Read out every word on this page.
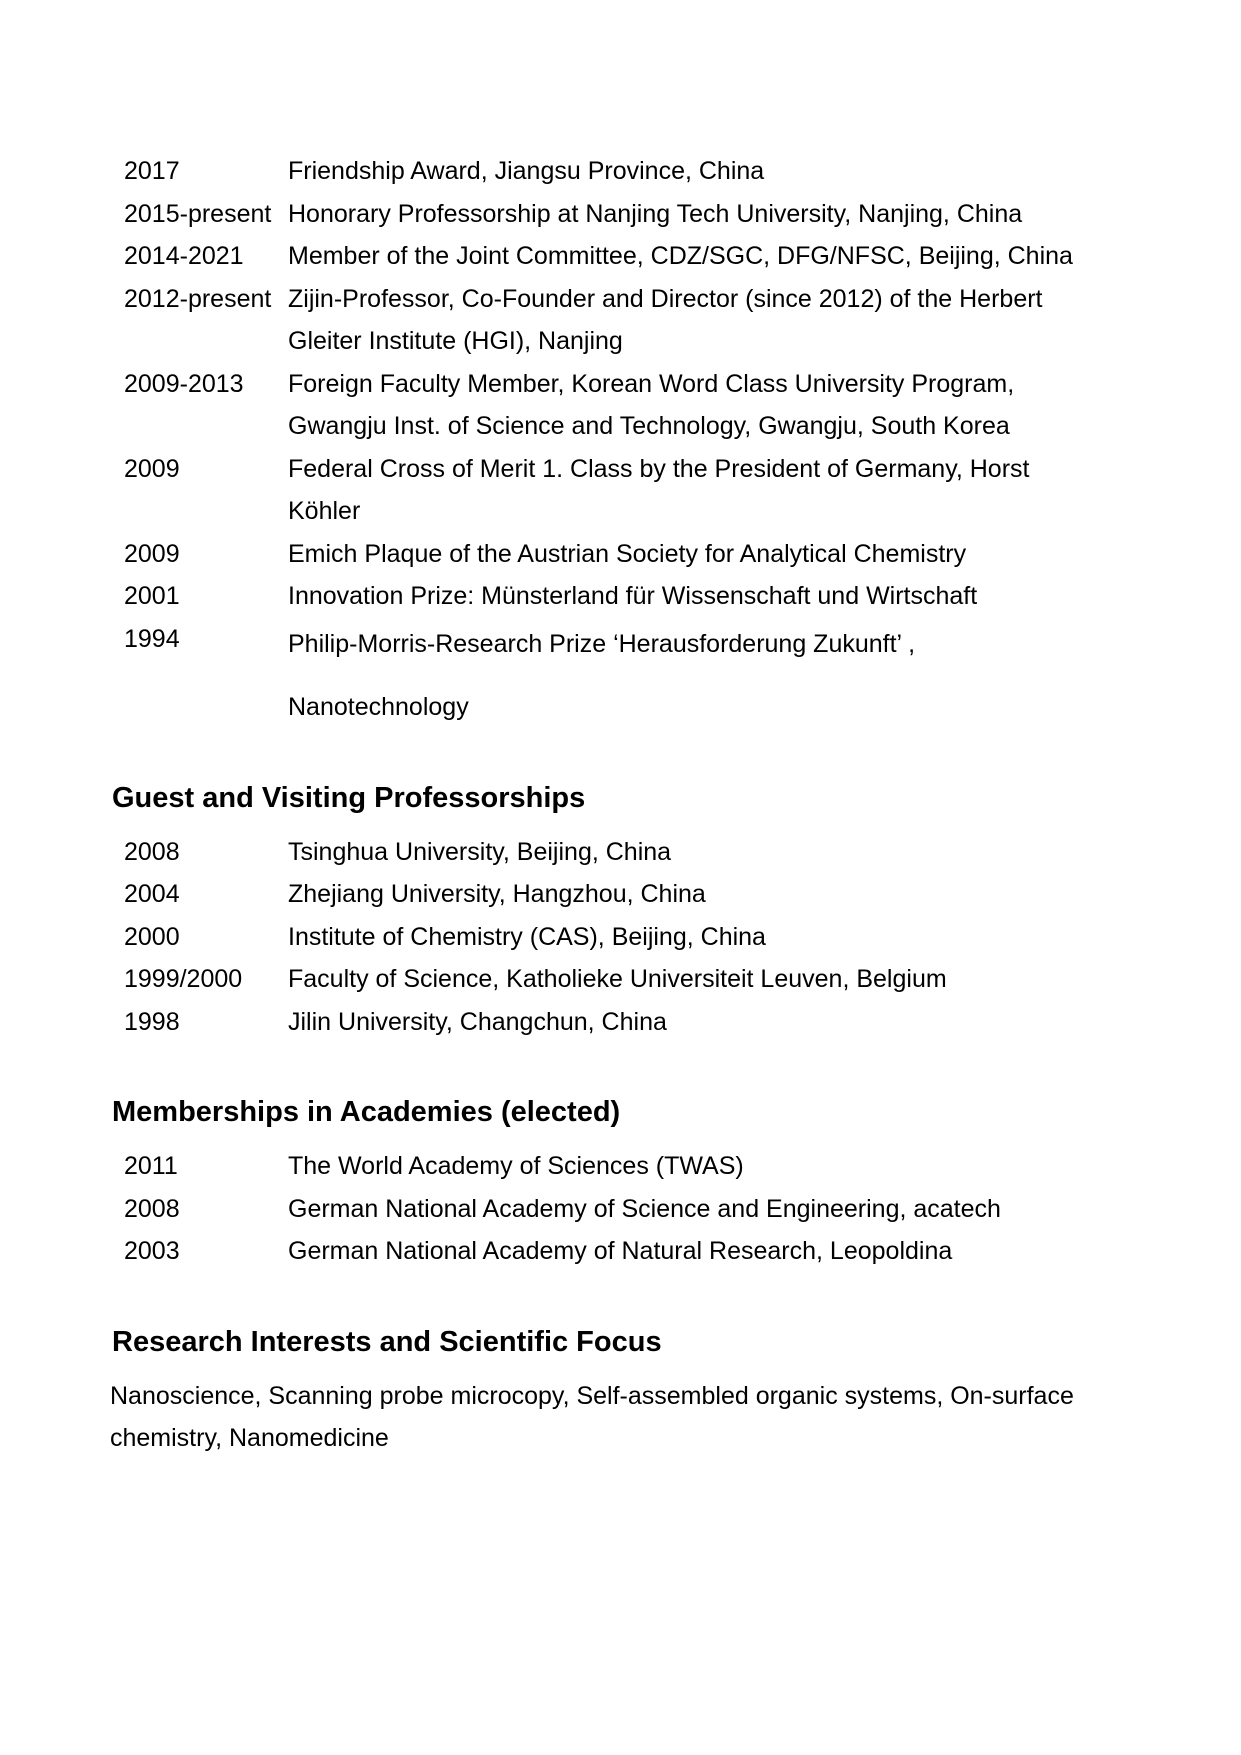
2017	Friendship Award, Jiangsu Province, China
2015-present Honorary Professorship at Nanjing Tech University, Nanjing, China
2014-2021	Member of the Joint Committee, CDZ/SGC, DFG/NFSC, Beijing, China
2012-present Zijin-Professor, Co-Founder and Director (since 2012) of the Herbert
Gleiter Institute (HGI), Nanjing
2009-2013	Foreign Faculty Member, Korean Word Class University Program,
Gwangju Inst. of Science and Technology, Gwangju, South Korea
2009	Federal Cross of Merit 1. Class by the President of Germany, Horst
Köhler
2009	Emich Plaque of the Austrian Society for Analytical Chemistry
2001	Innovation Prize: Münsterland für Wissenschaft und Wirtschaft
1994	Philip-Morris-Research Prize ‘Herausforderung Zukunft’ ,
Nanotechnology
Guest and Visiting Professorships
2008	Tsinghua University, Beijing, China
2004	Zhejiang University, Hangzhou, China
2000	Institute of Chemistry (CAS), Beijing, China
1999/2000	Faculty of Science, Katholieke Universiteit Leuven, Belgium
1998	Jilin University, Changchun, China
Memberships in Academies (elected)
2011	The World Academy of Sciences (TWAS)
2008	German National Academy of Science and Engineering, acatech
2003	German National Academy of Natural Research, Leopoldina
Research Interests and Scientific Focus
Nanoscience, Scanning probe microcopy, Self-assembled organic systems, On-surface
chemistry, Nanomedicine
